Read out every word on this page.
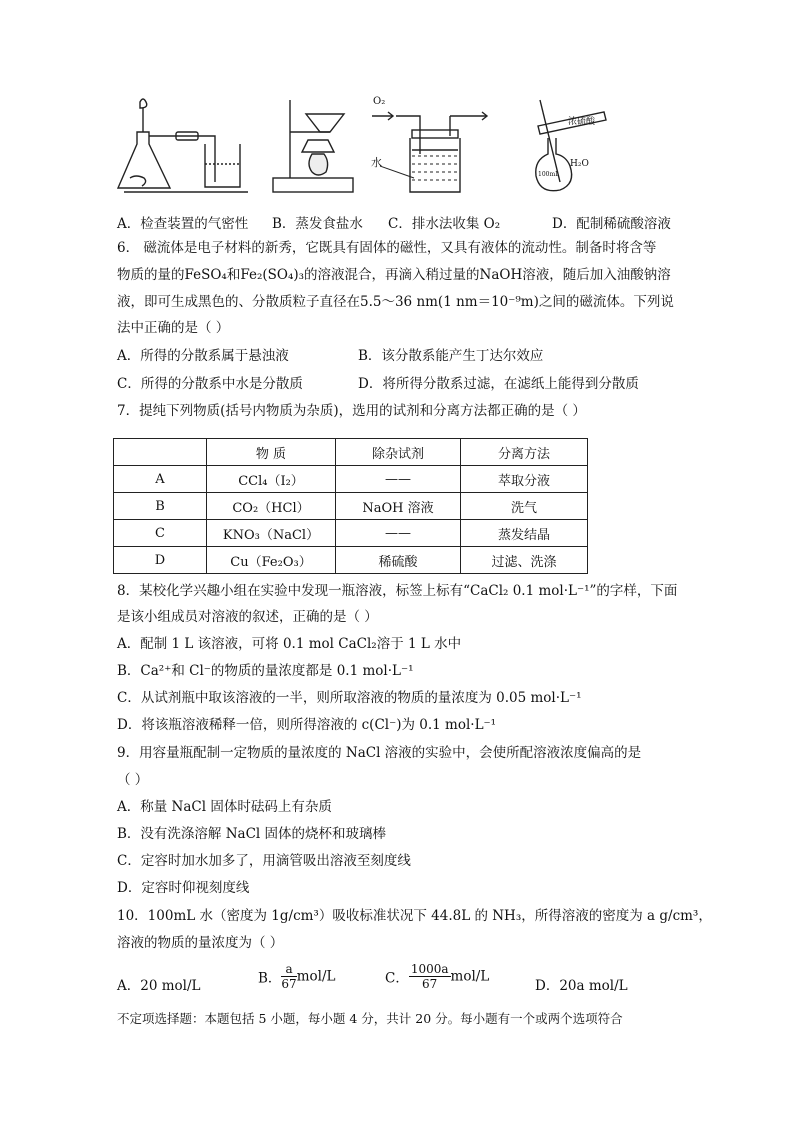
O₂
水
浓硫酸
100mL
H₂O
A．检查装置的气密性 B．蒸发食盐水 C．排水法收集 O₂	D．配制稀硫酸溶液
6． 磁流体是电子材料的新秀，它既具有固体的磁性，又具有液体的流动性。制备时将含等
物质的量的FeSO₄和Fe₂(SO₄)₃的溶液混合，再滴入稍过量的NaOH溶液，随后加入油酸钠溶
液，即可生成黑色的、分散质粒子直径在5.5～36 nm(1 nm＝10⁻⁹m)之间的磁流体。下列说
法中正确的是（ ）
A．所得的分散系属于悬浊液	B．该分散系能产生丁达尔效应
C．所得的分散系中水是分散质	D．将所得分散系过滤，在滤纸上能得到分散质
7．提纯下列物质(括号内物质为杂质)，选用的试剂和分离方法都正确的是（ ）
	物 质	除杂试剂	分离方法
A	CCl₄（I₂）	——	萃取分液
B	CO₂（HCl）	NaOH 溶液	洗气
C	KNO₃（NaCl）	——	蒸发结晶
D	Cu（Fe₂O₃）	稀硫酸	过滤、洗涤
8．某校化学兴趣小组在实验中发现一瓶溶液，标签上标有“CaCl₂ 0.1 mol·L⁻¹”的字样，下面
是该小组成员对溶液的叙述，正确的是（ ）
A．配制 1 L 该溶液，可将 0.1 mol CaCl₂溶于 1 L 水中
B．Ca²⁺和 Cl⁻的物质的量浓度都是 0.1 mol·L⁻¹
C．从试剂瓶中取该溶液的一半，则所取溶液的物质的量浓度为 0.05 mol·L⁻¹
D．将该瓶溶液稀释一倍，则所得溶液的 c(Cl⁻)为 0.1 mol·L⁻¹
9．用容量瓶配制一定物质的量浓度的 NaCl 溶液的实验中，会使所配溶液浓度偏高的是
（ ）
A．称量 NaCl 固体时砝码上有杂质
B．没有洗涤溶解 NaCl 固体的烧杯和玻璃棒
C．定容时加水加多了，用滴管吸出溶液至刻度线
D．定容时仰视刻度线
10．100mL 水（密度为 1g/cm³）吸收标准状况下 44.8L 的 NH₃，所得溶液的密度为 a g/cm³，
溶液的物质的量浓度为（ ）
A．20 mol/L	B． $\frac{a}{67} mol/L$	C． $\frac{1000a}{67} mol/L$
D．20a mol/L
不定项选择题：本题包括 5 小题，每小题 4 分，共计 20 分。每小题有一个或两个选项符合
